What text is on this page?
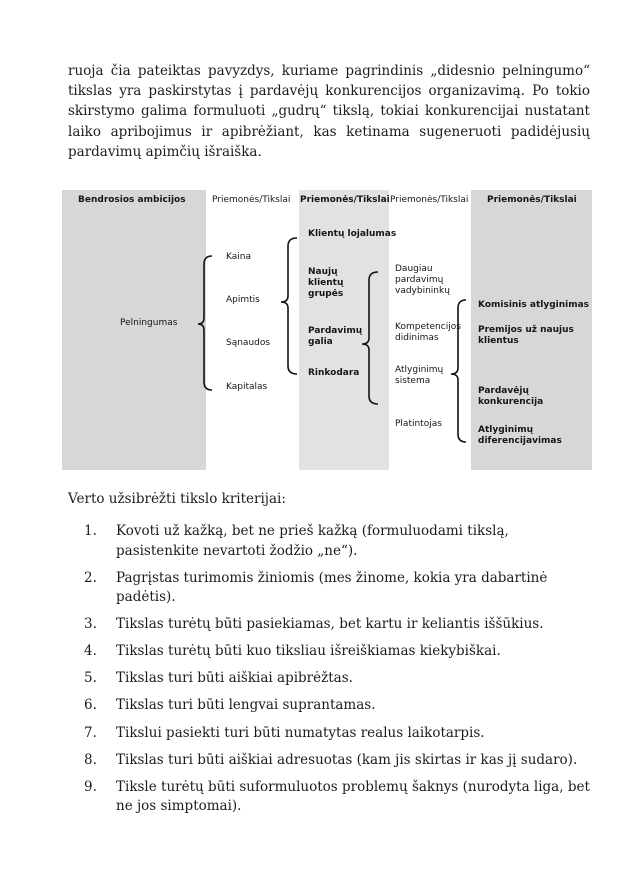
ruoja čia pateiktas pavyzdys, kuriame pagrindinis „didesnio pelningumo“ tikslas yra paskirstytas į pardavėjų konkurencijos organizavimą. Po tokio skirstymo galima formuluoti „gudrų“ tikslą, tokiai konkurencijai nustatant laiko apribojimus ir apibrėžiant, kas ketinama sugeneruoti padidėjusių pardavimų apimčių išraiška.

Bendrosios ambicijos	Priemonės/Tikslai Priemonės/Tikslai Priemonės/Tikslai Priemonės/Tikslai
Pelningumas
Kaina
Apimtis
Sąnaudos
Kapitalas
Klientų lojalumas
Naujų klientų grupės
Pardavimų galia
Rinkodara
Daugiau pardavimų vadybininkų
Kompetencijos didinimas
Atlyginimų sistema
Platintojas
Komisinis atlyginimas
Premijos už naujus klientus
Pardavėjų konkurencija
Atlyginimų diferencijavimas

Verto užsibrėžti tikslo kriterijai:

1. Kovoti už kažką, bet ne prieš kažką (formuluodami tikslą, pasistenkite nevartoti žodžio „ne“).
2. Pagrįstas turimomis žiniomis (mes žinome, kokia yra dabartinė padėtis).
3. Tikslas turėtų būti pasiekiamas, bet kartu ir keliantis iššūkius.
4. Tikslas turėtų būti kuo tiksliau išreiškiamas kiekybiškai.
5. Tikslas turi būti aiškiai apibrėžtas.
6. Tikslas turi būti lengvai suprantamas.
7. Tikslui pasiekti turi būti numatytas realus laikotarpis.
8. Tikslas turi būti aiškiai adresuotas (kam jis skirtas ir kas jį sudaro).
9. Tiksle turėtų būti suformuluotos problemų šaknys (nurodyta liga, bet ne jos simptomai).
